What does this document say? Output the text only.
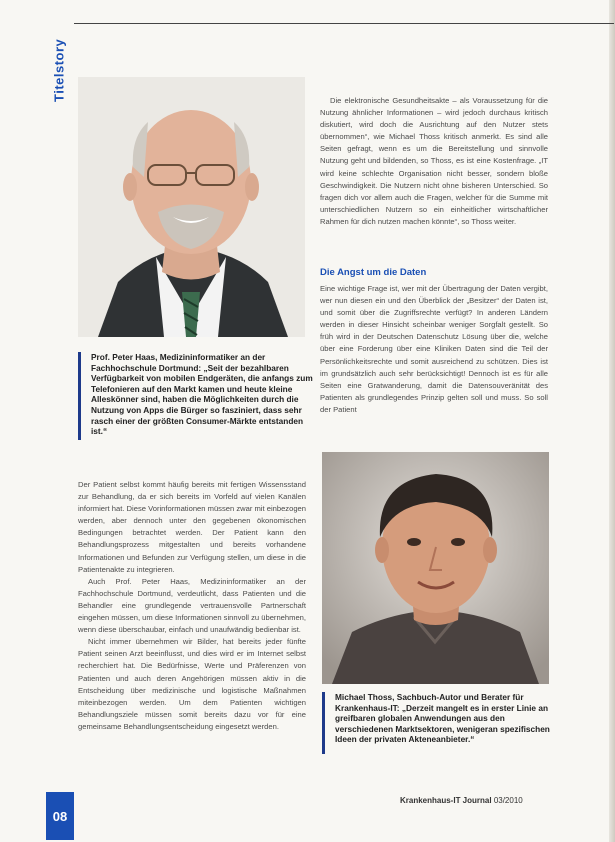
Titelstory
Prof. Peter Haas, Medizininformatiker an der Fachhochschule Dortmund: „Seit der bezahlbaren Verfügbarkeit von mobilen Endgeräten, die anfangs zum Telefonieren auf den Markt kamen und heute kleine Alleskönner sind, haben die Möglichkeiten durch die Nutzung von Apps die Bürger so fasziniert, dass sehr rasch einer der größten Consumer-Märkte entstanden ist.“

Die elektronische Gesundheitsakte – als Voraussetzung für die Nutzung ähnlicher Informationen – wird jedoch durchaus kritisch diskutiert, wird doch die Ausrichtung auf den Nutzer stets übernommen“, wie Michael Thoss kritisch anmerkt. Es sind alle Seiten gefragt, wenn es um die Bereitstellung und sinnvolle Nutzung geht und bildenden, so Thoss, es ist eine Kostenfrage. „IT wird keine schlechte Organisation nicht besser, sondern bloße Geschwindigkeit. Die Nutzern nicht ohne bisheren Unterschied. So fragen dich vor allem auch die Fragen, welcher für die Summe mit unterschiedlichen Nutzern so ein einheitlicher wirtschaftlicher Rahmen für dich nutzen machen könnte“, so Thoss weiter.

Die Angst um die Daten

Eine wichtige Frage ist, wer mit der Übertragung der Daten vergibt, wer nun diesen ein und den Überblick der „Besitzer“ der Daten ist, und somit über die Zugriffsrechte verfügt? In anderen Ländern werden in dieser Hinsicht scheinbar weniger Sorgfalt gestellt. So früh wird in der Deutschen Datenschutz Lösung über die, welche über eine Forderung über eine Kliniken Daten sind die Teil der Persönlichkeitsrechte und somit ausreichend zu schützen. Dies ist im grundsätzlich auch sehr berücksichtigt! Dennoch ist es für alle Seiten eine Gratwanderung, damit die Datensouveränität des Patienten als grundlegendes Prinzip gelten soll und muss. So soll der Patient

Der Patient selbst kommt häufig bereits mit fertigen Wissensstand zur Behandlung, da er sich bereits im Vorfeld auf vielen Kanälen informiert hat. Diese Vorinformationen müssen zwar mit einbezogen werden, aber dennoch unter den gegebenen ökonomischen Bedingungen betrachtet werden. Der Patient kann den Behandlungsprozess mitgestalten und bereits vorhandene Informationen und Befunden zur Verfügung stellen, um diese in die Patientenakte zu integrieren.

Auch Prof. Peter Haas, Medizininformatiker an der Fachhochschule Dortmund, verdeutlicht, dass Patienten und die Behandler eine grundlegende vertrauensvolle Partnerschaft eingehen müssen, um diese Informationen sinnvoll zu übernehmen, wenn diese überschaubar, einfach und unaufwändig bedienbar ist.

Nicht immer übernehmen wir Bilder, hat bereits jeder fünfte Patient seinen Arzt beeinflusst, und dies wird er im Internet selbst recherchiert hat. Die Bedürfnisse, Werte und Präferenzen von Patienten und auch deren Angehörigen müssen aktiv in die Entscheidung über medizinische und logistische Maßnahmen miteinbezogen werden. Um dem Patienten wichtigen Behandlungsziele müssen somit bereits dazu vor für eine gemeinsame Behandlungsentscheidung eingesetzt werden.

Michael Thoss, Sachbuch-Autor und Berater für Krankenhaus-IT: „Derzeit mangelt es in erster Linie an greifbaren globalen Anwendungen aus den verschiedenen Marktsektoren, wenigeran spezifischen Ideen der privaten Akteneanbieter.“
08
Krankenhaus-IT Journal 03/2010
